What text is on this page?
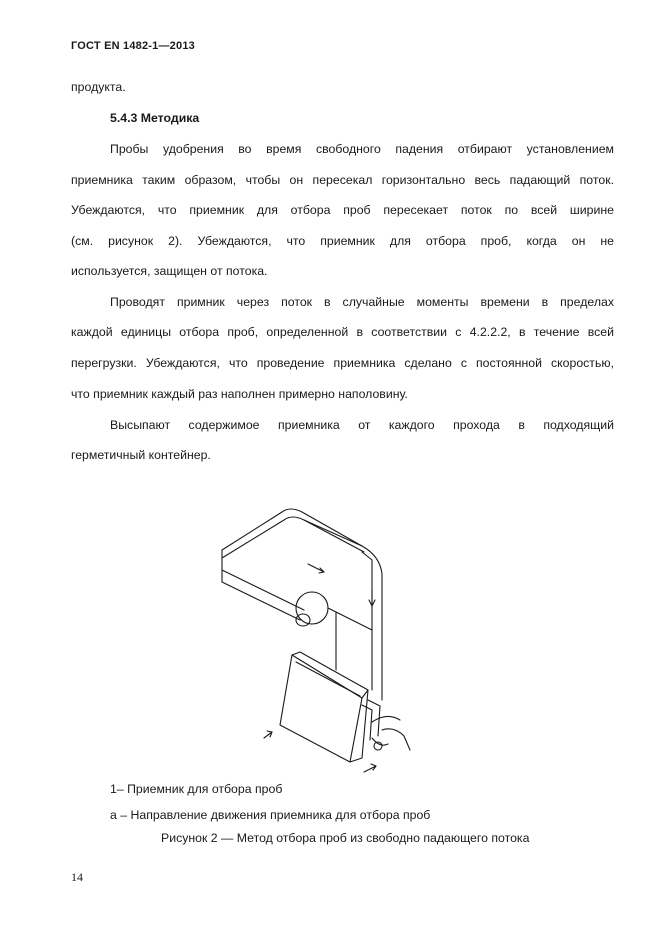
ГОСТ EN 1482-1—2013
продукта.
5.4.3 Методика
Пробы удобрения во время свободного падения отбирают установлением
приемника таким образом, чтобы он пересекал горизонтально весь падающий поток.
Убеждаются, что приемник для отбора проб пересекает поток по всей ширине
(см. рисунок 2). Убеждаются, что приемник для отбора проб, когда он не
используется, защищен от потока.
Проводят примник через поток в случайные моменты времени в пределах
каждой единицы отбора проб, определенной в соответствии с 4.2.2.2, в течение всей
перегрузки. Убеждаются, что проведение приемника сделано с постоянной скоростью,
что приемник каждый раз наполнен примерно наполовину.
Высыпают содержимое приемника от каждого прохода в подходящий
герметичный контейнер.
1– Приемник для отбора проб
а – Направление движения приемника для отбора проб
Рисунок 2 — Метод отбора проб из свободно падающего потока
14
